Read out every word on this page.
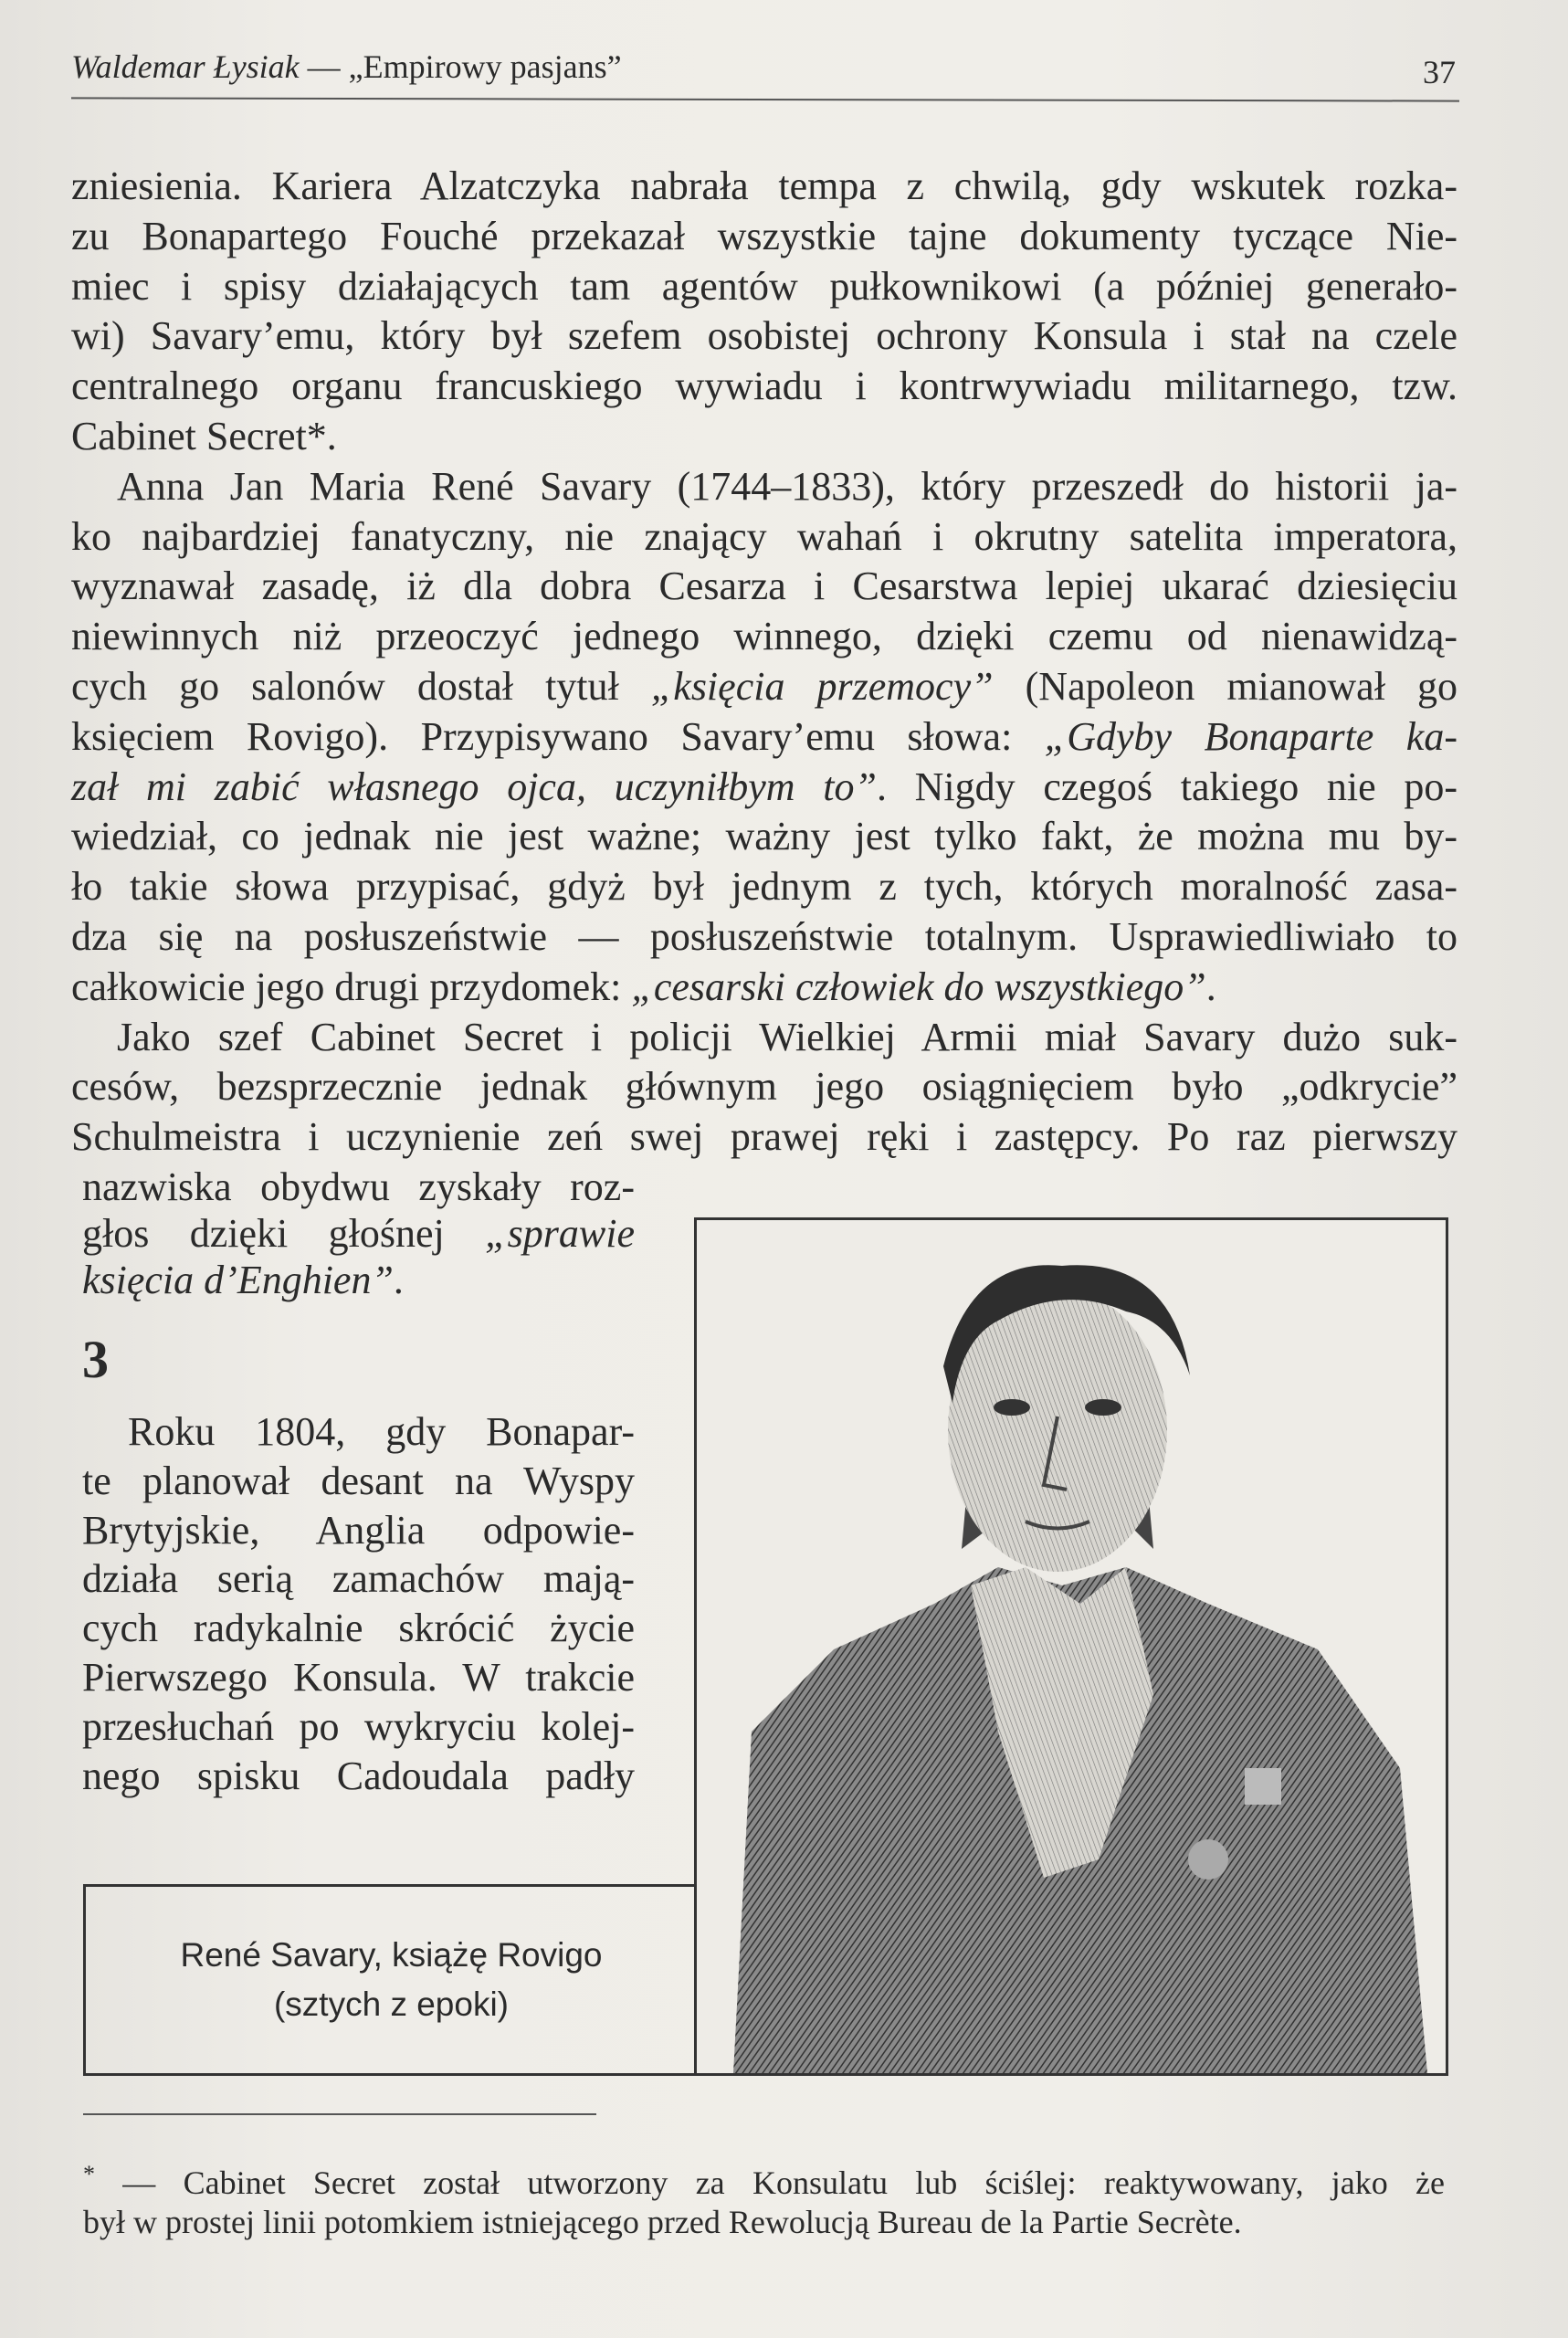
Waldemar Łysiak — „Empirowy pasjans”	37
zniesienia. Kariera Alzatczyka nabrała tempa z chwilą, gdy wskutek rozka-
zu Bonapartego Fouché przekazał wszystkie tajne dokumenty tyczące Nie-
miec i spisy działających tam agentów pułkownikowi (a później generało-
wi) Savary’emu, który był szefem osobistej ochrony Konsula i stał na czele
centralnego organu francuskiego wywiadu i kontrwywiadu militarnego, tzw.
Cabinet Secret*.
Anna Jan Maria René Savary (1744–1833), który przeszedł do historii ja-
ko najbardziej fanatyczny, nie znający wahań i okrutny satelita imperatora,
wyznawał zasadę, iż dla dobra Cesarza i Cesarstwa lepiej ukarać dziesięciu
niewinnych niż przeoczyć jednego winnego, dzięki czemu od nienawidzą-
cych go salonów dostał tytuł „księcia przemocy” (Napoleon mianował go
księciem Rovigo). Przypisywano Savary’emu słowa: „Gdyby Bonaparte ka-
zał mi zabić własnego ojca, uczyniłbym to”. Nigdy czegoś takiego nie po-
wiedział, co jednak nie jest ważne; ważny jest tylko fakt, że można mu by-
ło takie słowa przypisać, gdyż był jednym z tych, których moralność zasa-
dza się na posłuszeństwie — posłuszeństwie totalnym. Usprawiedliwiało to
całkowicie jego drugi przydomek: „cesarski człowiek do wszystkiego”.
Jako szef Cabinet Secret i policji Wielkiej Armii miał Savary dużo suk-
cesów, bezsprzecznie jednak głównym jego osiągnięciem było „odkrycie”
Schulmeistra i uczynienie zeń swej prawej ręki i zastępcy. Po raz pierwszy
nazwiska obydwu zyskały roz-
głos dzięki głośnej „sprawie
księcia d’Enghien”.
Roku 1804, gdy Bonapar-
te planował desant na Wyspy
Brytyjskie, Anglia odpowie-
działa serią zamachów mają-
cych radykalnie skrócić życie
Pierwszego Konsula. W trakcie
przesłuchań po wykryciu kolej-
nego spisku Cadoudala padły
3
René Savary, książę Rovigo
(sztych z epoki)
* — Cabinet Secret został utworzony za Konsulatu lub ściślej: reaktywowany, jako że
był w prostej linii potomkiem istniejącego przed Rewolucją Bureau de la Partie Secrète.
